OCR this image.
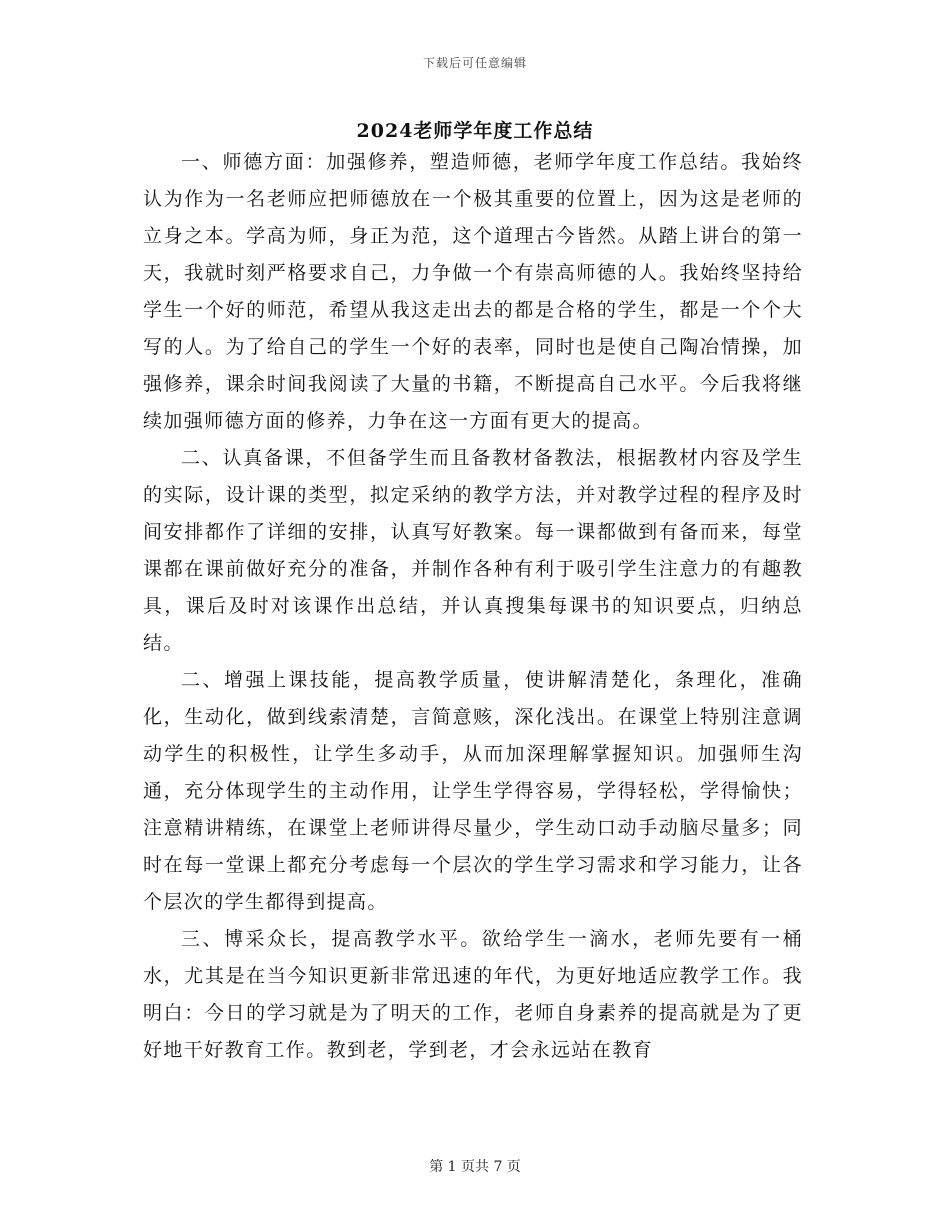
下载后可任意编辑
2024老师学年度工作总结

一、师德方面：加强修养，塑造师德，老师学年度工作总结。我始终认为作为一名老师应把师德放在一个极其重要的位置上，因为这是老师的立身之本。学高为师，身正为范，这个道理古今皆然。从踏上讲台的第一天，我就时刻严格要求自己，力争做一个有崇高师德的人。我始终坚持给学生一个好的师范，希望从我这走出去的都是合格的学生，都是一个个大写的人。为了给自己的学生一个好的表率，同时也是使自己陶冶情操，加强修养，课余时间我阅读了大量的书籍，不断提高自己水平。今后我将继续加强师德方面的修养，力争在这一方面有更大的提高。

二、认真备课，不但备学生而且备教材备教法，根据教材内容及学生的实际，设计课的类型，拟定采纳的教学方法，并对教学过程的程序及时间安排都作了详细的安排，认真写好教案。每一课都做到有备而来，每堂课都在课前做好充分的准备，并制作各种有利于吸引学生注意力的有趣教具，课后及时对该课作出总结，并认真搜集每课书的知识要点，归纳总结。

二、增强上课技能，提高教学质量，使讲解清楚化，条理化，准确化，生动化，做到线索清楚，言简意赅，深化浅出。在课堂上特别注意调动学生的积极性，让学生多动手，从而加深理解掌握知识。加强师生沟通，充分体现学生的主动作用，让学生学得容易，学得轻松，学得愉快；注意精讲精练，在课堂上老师讲得尽量少，学生动口动手动脑尽量多；同时在每一堂课上都充分考虑每一个层次的学生学习需求和学习能力，让各个层次的学生都得到提高。

三、博采众长，提高教学水平。欲给学生一滴水，老师先要有一桶水，尤其是在当今知识更新非常迅速的年代，为更好地适应教学工作。我明白：今日的学习就是为了明天的工作，老师自身素养的提高就是为了更好地干好教育工作。教到老，学到老，才会永远站在教育

第 1 页共 7 页
